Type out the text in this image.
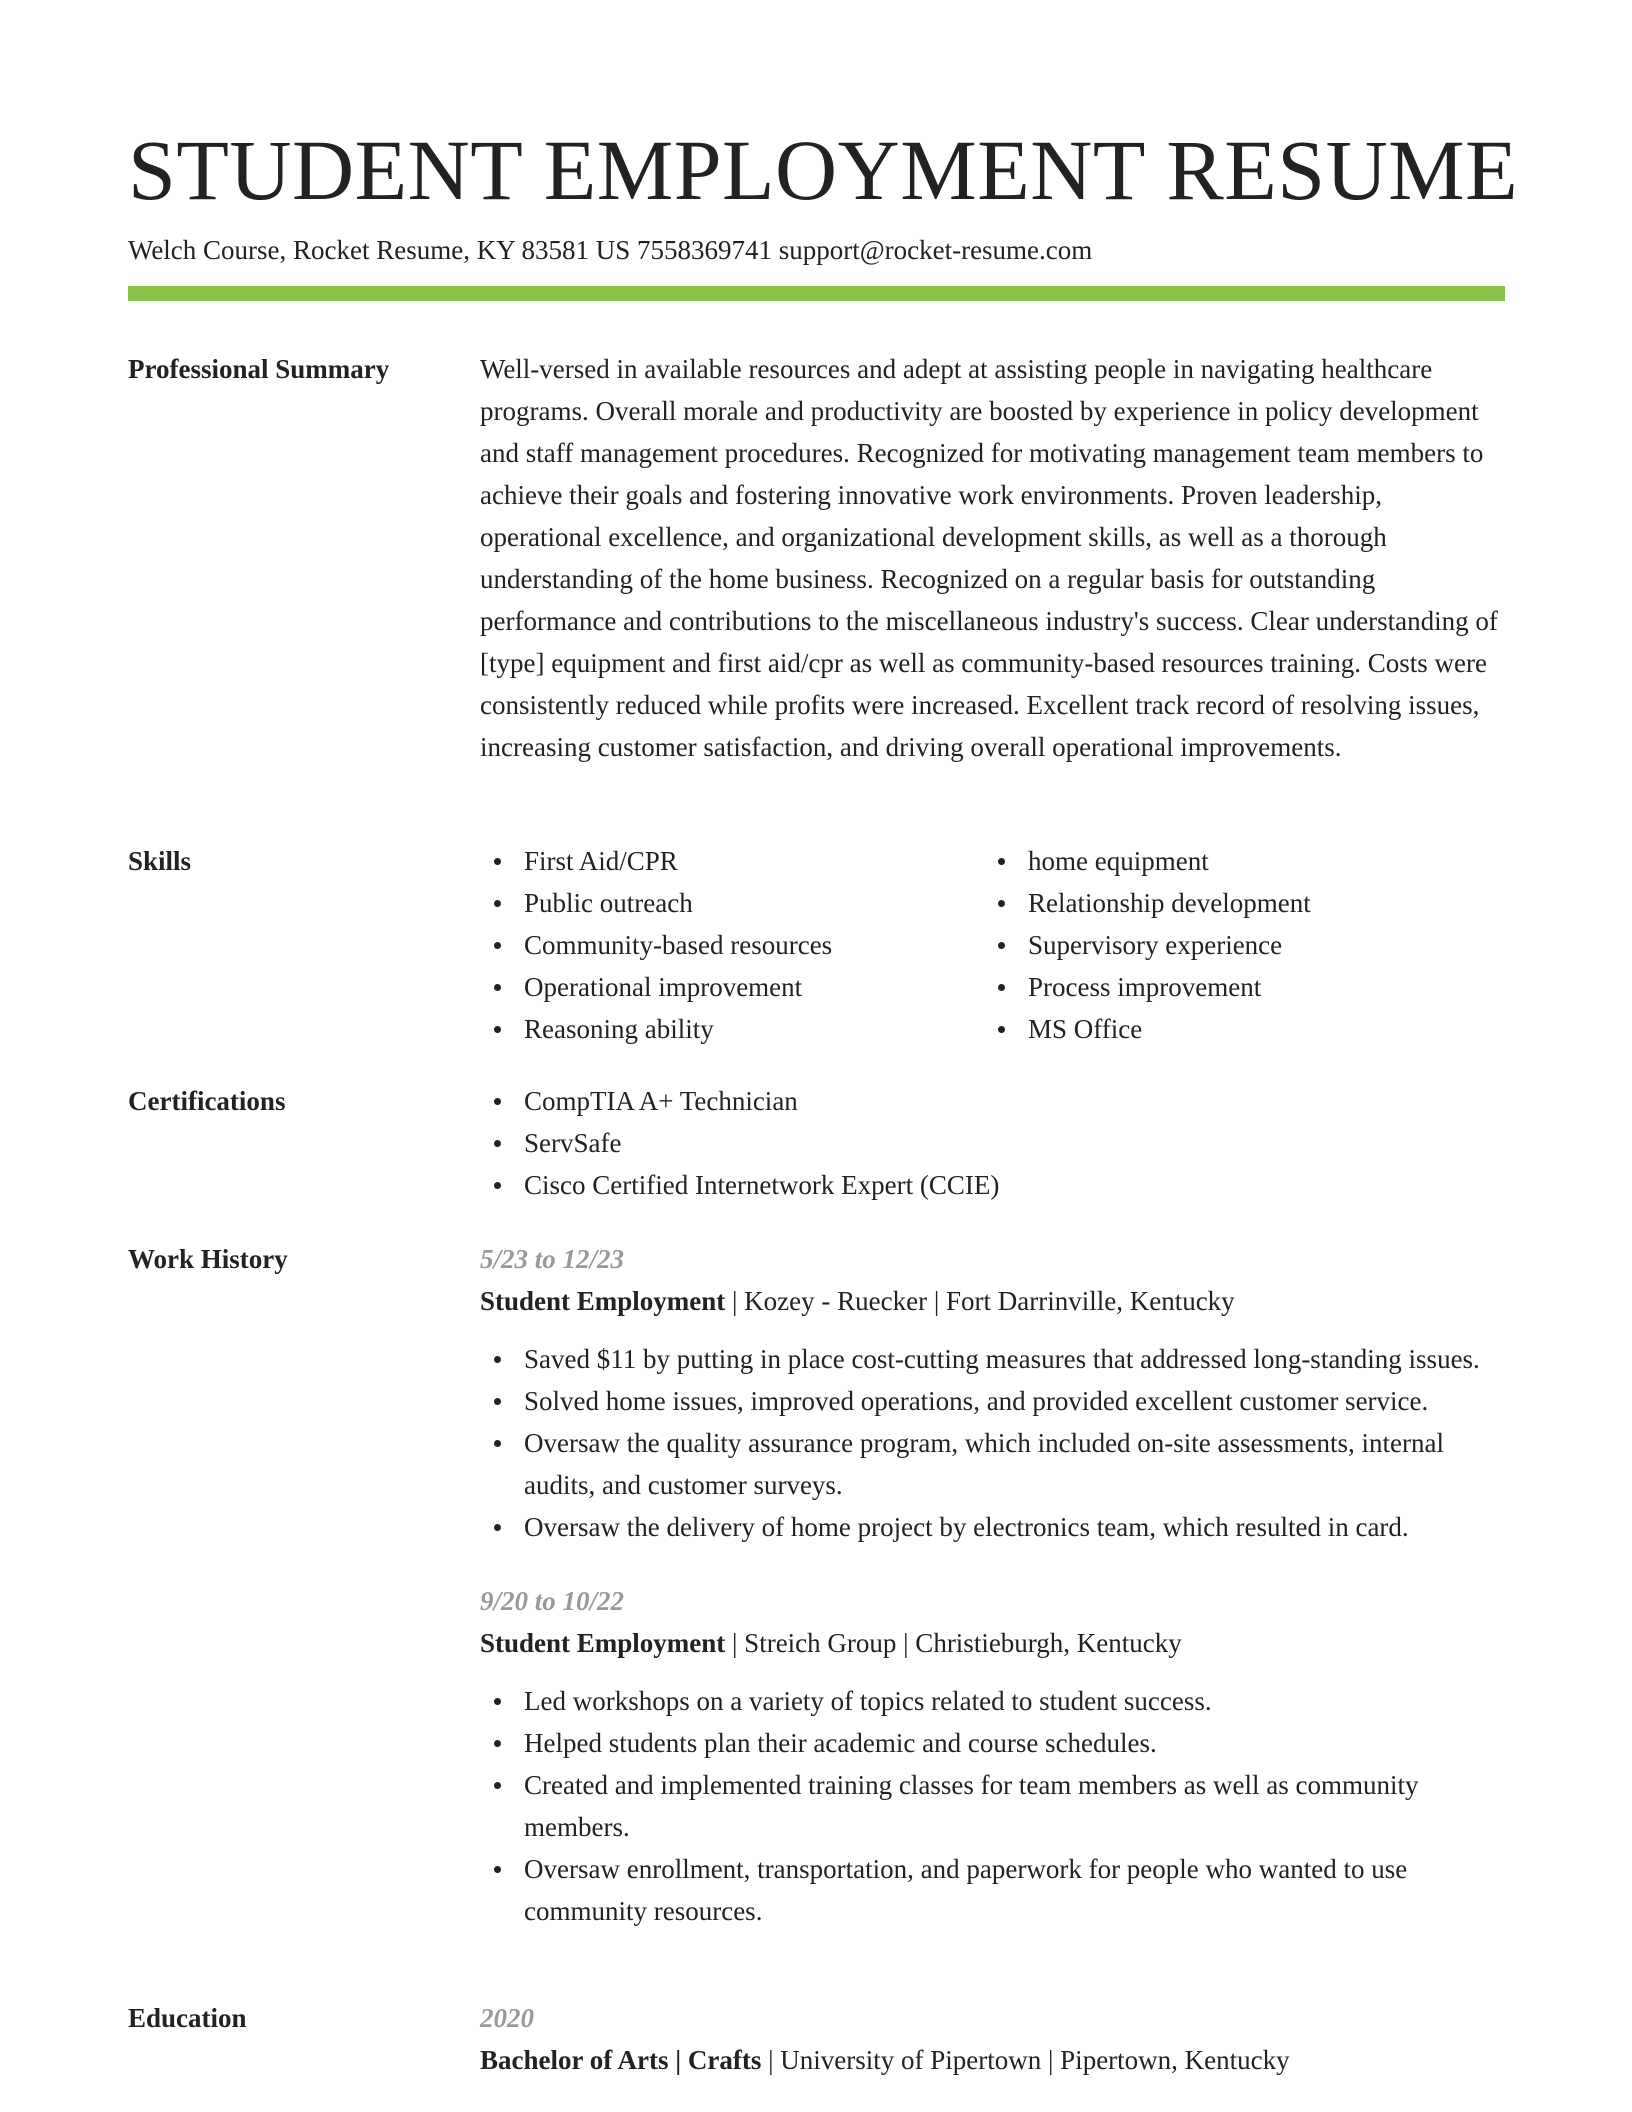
STUDENT EMPLOYMENT RESUME
Welch Course, Rocket Resume, KY 83581 US 7558369741 support@rocket-resume.com
Professional Summary	Well-versed in available resources and adept at assisting people in navigating healthcare programs. Overall morale and productivity are boosted by experience in policy development and staff management procedures. Recognized for motivating management team members to achieve their goals and fostering innovative work environments. Proven leadership, operational excellence, and organizational development skills, as well as a thorough understanding of the home business. Recognized on a regular basis for outstanding performance and contributions to the miscellaneous industry's success. Clear understanding of [type] equipment and first aid/cpr as well as community-based resources training. Costs were consistently reduced while profits were increased. Excellent track record of resolving issues, increasing customer satisfaction, and driving overall operational improvements.
Skills	First Aid/CPR
Public outreach
Community-based resources
Operational improvement
Reasoning ability
home equipment
Relationship development
Supervisory experience
Process improvement
MS Office
Certifications	CompTIA A+ Technician
ServSafe
Cisco Certified Internetwork Expert (CCIE)
Work History	5/23 to 12/23
Student Employment | Kozey - Ruecker | Fort Darrinville, Kentucky
Saved $11 by putting in place cost-cutting measures that addressed long-standing issues.
Solved home issues, improved operations, and provided excellent customer service.
Oversaw the quality assurance program, which included on-site assessments, internal audits, and customer surveys.
Oversaw the delivery of home project by electronics team, which resulted in card.
9/20 to 10/22
Student Employment | Streich Group | Christieburgh, Kentucky
Led workshops on a variety of topics related to student success.
Helped students plan their academic and course schedules.
Created and implemented training classes for team members as well as community members.
Oversaw enrollment, transportation, and paperwork for people who wanted to use community resources.
Education	2020
Bachelor of Arts | Crafts | University of Pipertown | Pipertown, Kentucky
